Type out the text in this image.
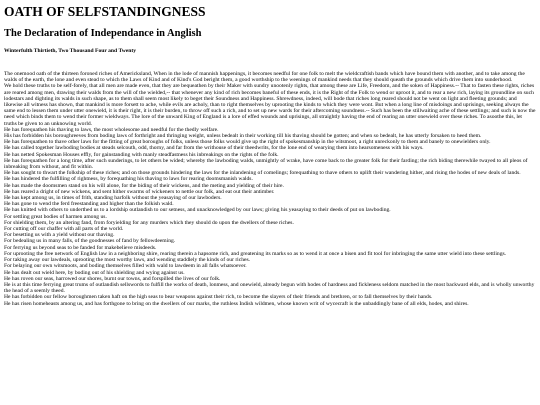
OATH OF SELFSTANDINGNESS
The Declaration of Independance in Anglish
Winterfulth Thirtieth, Two Thousand Four and Twenty

The onemood oath of the thirteen foroned riches of Americksland, When in the lode of mannish happenings, it becomes needful for one folk to melt the wieldcraftish bands which have bound them with another, and to take among the walds of the earth, the lone and even stead to which the Laws of Kind and of Kind's God beright them, a good worthship to the weenings of mankind needs that they should queath the grounds which drive them into sunderhood.

We hold these truths to be self-forely, that all men are made even, that they are bequeathen by their Maker with sundry unootenly rights, that among these are Life, Freedom, and the soken of Happiness.-- That to fasten these rights, riches are reared among men, drawing their walds from the will of the wielded,-- that whenever any kind of rich becomes baneful of these ends, it is the Right of the Folk to wend or uproot it, and to rear a new rich, laying its groundline on such lodestars and dighting its walds in such shape, as to them shall seem most likely to beget their Soundness and Happiness. Shrewdness, indeed, will bode that riches long reared should not be went on light and fleeting grounds; and likewise all witness has shown, that mankind is more forsett to ache, while evils are acholy, than to right themselves by uprooting the kinds to which they were wont. But when a long line of misdoings and uprisings, seeking always the same end to lessen them under utter onewield, it is their right, it is their burden, to throw off such a rich, and to set up new wards for their aftercoming soundness.-- Such has been the stillwaiting ache of these settlings; and such is now the need which binds them to wend their former wieldways. The lore of the unward King of England is a lore of effed wounds and uprisings, all straightly having the end of rearing an utter onewield over these riches. To asoothe this, let truths be given to an unknowing world.

He has forequathen his thaving to laws, the most wholesome and needful for the thedly welfare.

His has forbidden his boroughreeves from boding laws of forthright and thringing weight, unless bedealt in their working till his thaving should be gotten; and when so bedealt, he has utterly forsaken to heed them.

He has forequathen to thave other laws for the fitting of great boroughs of folks, unless those folks would give up the right of spokesmanship in the witsmoot, a right unreckonly to them and banely to onewielders only.

He has called together lawboding bodies at steads selcouth, odd, thorny, and far from the writhouse of their theedwrits, for the lone end of wearying them into hearsomeness with his ways.

He has netted Spokesman Houses effly, for gainstanding with manly steadfastness his inbreakings on the rights of the folk.

He has forequathen for a long time, after such sunderings, to let others be wided; whereby the lawboding walds, unmightly of wrake, have come back to the greater folk for their farding; the rich biding therewhile twayed to all pleos of inbreaking from without, and fit within.

He has sought to thwart the folkship of these riches; and on those grounds hindering the laws for the inlandening of comelings; forequathing to thave others to uplift their wandering hither, and rising the hodes of new deals of lands.

He has hindered the fulfilling of rightness, by forequathing his thaving to laws for rearing doomsmanish walds.

He has made the doomsmen stand on his will alone, for the biding of their wickens, and the meting and yielding of their hire.

He has reared a dright of new wickens, and sent hither swarms of wickeners to nettle our folk, and eat out their antimber.

He has kept among us, in times of frith, standing harfolk without the yeasaying of our lawboders.

He has gone to wend the ferd freestanding and higher than the folkish wald.

He has knitted with others to underthed us to a lordship outlandish to our setness, and unacknowledged by our laws; giving his yeasaying to their deeds of put on lawboding.

For settling great bodies of harmen among us.

For shielding them, by an altering fand, from foryielding for any murders which they should do upon the dwellers of these riches.

For cutting off our chaffer with all parts of the world.

For besetting us with a yield without our thaving.

For bedealing us in many falls, of the goodnesses of fand by fellowdeeming.

For ferrying us beyond seas to be fanded for makebelieve misdeeds.

For uprooting the free network of English law in a neighboring shire, rearing therein a hapsome rich, and greatening its marks so as to wend it at once a bisen and fit tool for inbringing the same utter wield into these settlings.

For taking away our lawdeals, uprooting the most worthy laws, and wending staddlely the kinds of our riches.

For belaying our own witsmoots, and boding themselves filled with wald to lawdeem in all falls whatsoever.

He has dealt out wield here, by boding out of his shielding and wying against us.

He has roven our seas, harrowed our shores, burnt our towns, and forspilled the lives of our folk.

He is at this time ferrying great trums of outlandish sellswords to fulfill the works of death, lonmess, and onewield, already begun with hodes of hardness and fickleness seldom matched in the most backward elds, and is wholly unworthy the head of a seemly theed.

He has forbidden our fellow boroughmen taken haft on the high seas to bear weapons against their rich, to become the slayers of their friends and brethren, or to fall themselves by their hands.

He has risen homeheasts among us, and has forthgone to bring on the dwellers of our marks, the ruthless Indish wildmen, whose known writ of wycecraft is the unbaddingly bane of all elds, hodes, and shires.
